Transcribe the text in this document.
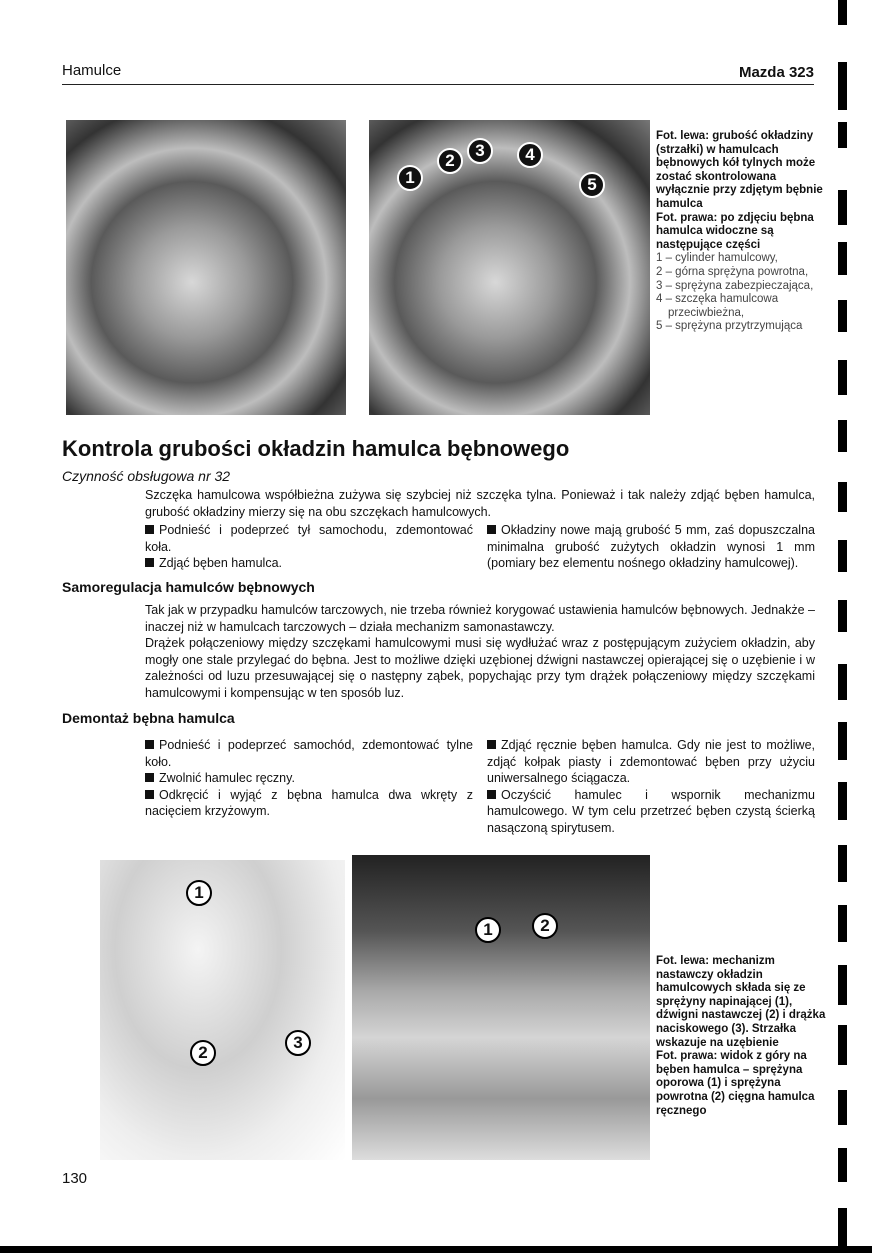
Hamulce	Mazda 323
1
2
3	4
5
Fot. lewa: grubość okładziny (strzałki) w hamulcach bębnowych kół tylnych może zostać skontrolowana wyłącznie przy zdjętym bębnie hamulca
Fot. prawa: po zdjęciu bębna hamulca widoczne są następujące części
1 – cylinder hamulcowy,
2 – górna sprężyna powrotna,
3 – sprężyna zabezpieczająca,
4 – szczęka hamulcowa przeciwbieżna,
5 – sprężyna przytrzymująca
Kontrola grubości okładzin hamulca bębnowego
Czynność obsługowa nr 32
Szczęka hamulcowa współbieżna zużywa się szybciej niż szczęka tylna. Ponieważ i tak należy zdjąć bęben hamulca, grubość okładziny mierzy się na obu szczękach hamulcowych.
Podnieść i podeprzeć tył samochodu, zdemontować koła.
Zdjąć bęben hamulca.
Okładziny nowe mają grubość 5 mm, zaś dopuszczalna minimalna grubość zużytych okładzin wynosi 1 mm (pomiary bez elementu nośnego okładziny hamulcowej).
Samoregulacja hamulców bębnowych
Tak jak w przypadku hamulców tarczowych, nie trzeba również korygować ustawienia hamulców bębnowych. Jednakże – inaczej niż w hamulcach tarczowych – działa mechanizm samonastawczy.
Drążek połączeniowy między szczękami hamulcowymi musi się wydłużać wraz z postępującym zużyciem okładzin, aby mogły one stale przylegać do bębna. Jest to możliwe dzięki uzębionej dźwigni nastawczej opierającej się o uzębienie i w zależności od luzu przesuwającej się o następny ząbek, popychając przy tym drążek połączeniowy między szczękami hamulcowymi i kompensując w ten sposób luz.
Demontaż bębna hamulca
Podnieść i podeprzeć samochód, zdemontować tylne koło.
Zwolnić hamulec ręczny.
Odkręcić i wyjąć z bębna hamulca dwa wkręty z nacięciem krzyżowym.
Zdjąć ręcznie bęben hamulca. Gdy nie jest to możliwe, zdjąć kołpak piasty i zdemontować bęben przy użyciu uniwersalnego ściągacza.
Oczyścić hamulec i wspornik mechanizmu hamulcowego. W tym celu przetrzeć bęben czystą ścierką nasączoną spirytusem.
1
2
3
1	2
Fot. lewa: mechanizm nastawczy okładzin hamulcowych składa się ze sprężyny napinającej (1), dźwigni nastawczej (2) i drążka naciskowego (3). Strzałka wskazuje na uzębienie
Fot. prawa: widok z góry na bęben hamulca – sprężyna oporowa (1) i sprężyna powrotna (2) cięgna hamulca ręcznego
130
